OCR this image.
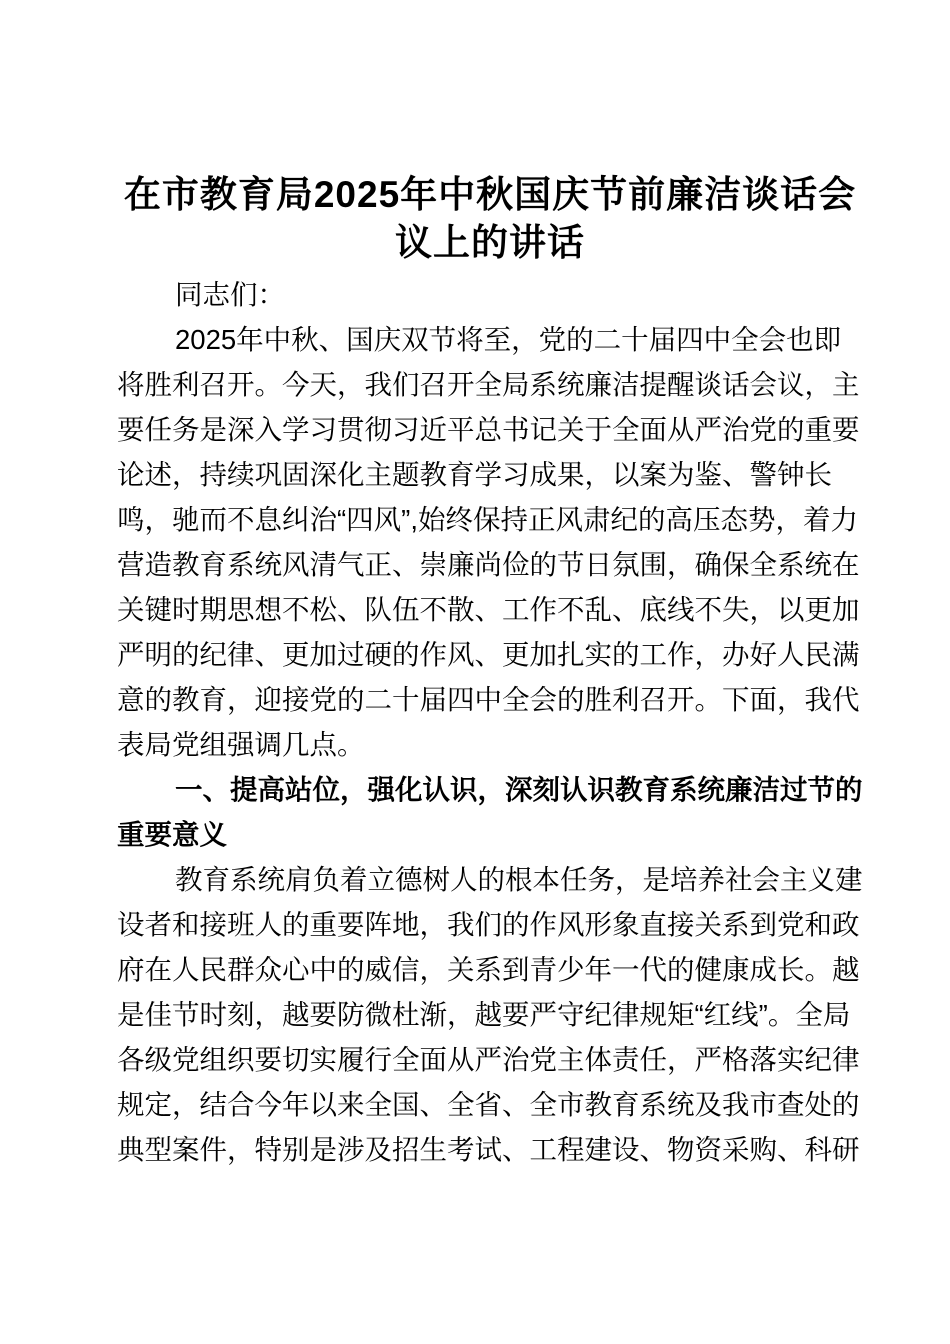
在市教育局2025年中秋国庆节前廉洁谈话会
议上的讲话
同志们：
2025年中秋、国庆双节将至，党的二十届四中全会也即
将胜利召开。今天，我们召开全局系统廉洁提醒谈话会议，主
要任务是深入学习贯彻习近平总书记关于全面从严治党的重要
论述，持续巩固深化主题教育学习成果，以案为鉴、警钟长
鸣，驰而不息纠治“四风”,始终保持正风肃纪的高压态势，着力
营造教育系统风清气正、崇廉尚俭的节日氛围，确保全系统在
关键时期思想不松、队伍不散、工作不乱、底线不失，以更加
严明的纪律、更加过硬的作风、更加扎实的工作，办好人民满
意的教育，迎接党的二十届四中全会的胜利召开。下面，我代
表局党组强调几点。
一、提高站位，强化认识，深刻认识教育系统廉洁过节的
重要意义
教育系统肩负着立德树人的根本任务，是培养社会主义建
设者和接班人的重要阵地，我们的作风形象直接关系到党和政
府在人民群众心中的威信，关系到青少年一代的健康成长。越
是佳节时刻，越要防微杜渐，越要严守纪律规矩“红线”。全局
各级党组织要切实履行全面从严治党主体责任，严格落实纪律
规定，结合今年以来全国、全省、全市教育系统及我市查处的
典型案件，特别是涉及招生考试、工程建设、物资采购、科研
